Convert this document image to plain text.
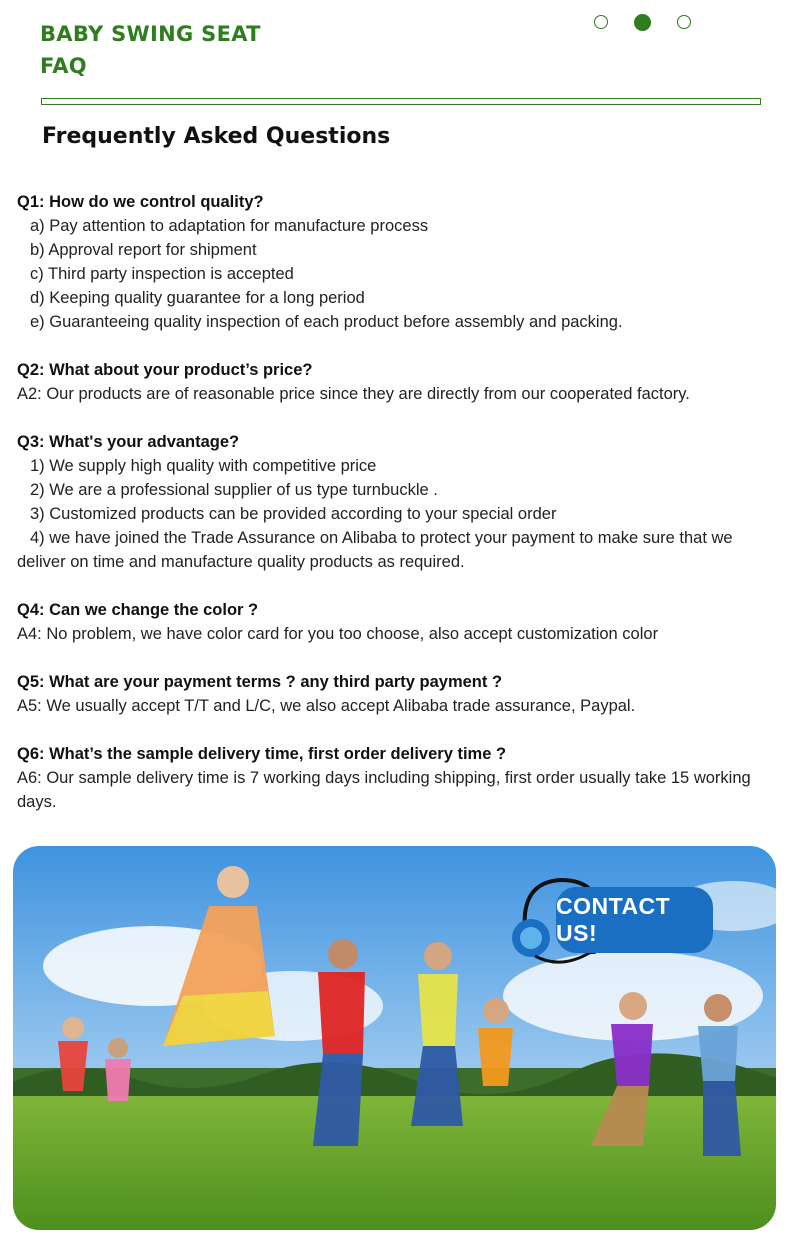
BABY SWING SEAT
FAQ
Frequently Asked Questions
Q1: How do we control quality?
a) Pay attention to adaptation for manufacture process
b) Approval report for shipment
c) Third party inspection is accepted
d) Keeping quality guarantee for a long period
e) Guaranteeing quality inspection of each product before assembly and packing.
Q2: What about your product’s price?
A2: Our products are of reasonable price since they are directly from our cooperated factory.
Q3: What's your advantage?
1) We supply high quality with competitive price
2) We are a professional supplier of us type turnbuckle .
3) Customized products can be provided according to your special order
4) we have joined the Trade Assurance on Alibaba to protect your payment to make sure that we
deliver on time and manufacture quality products as required.
Q4: Can we change the color ?
A4: No problem, we have color card for you too choose, also accept customization color
Q5: What are your payment terms ? any third party payment ?
A5: We usually accept T/T and L/C, we also accept Alibaba trade assurance, Paypal.
Q6: What’s the sample delivery time, first order delivery time ?
A6: Our sample delivery time is 7 working days including shipping, first order usually take 15 working
days.
CONTACT US!
